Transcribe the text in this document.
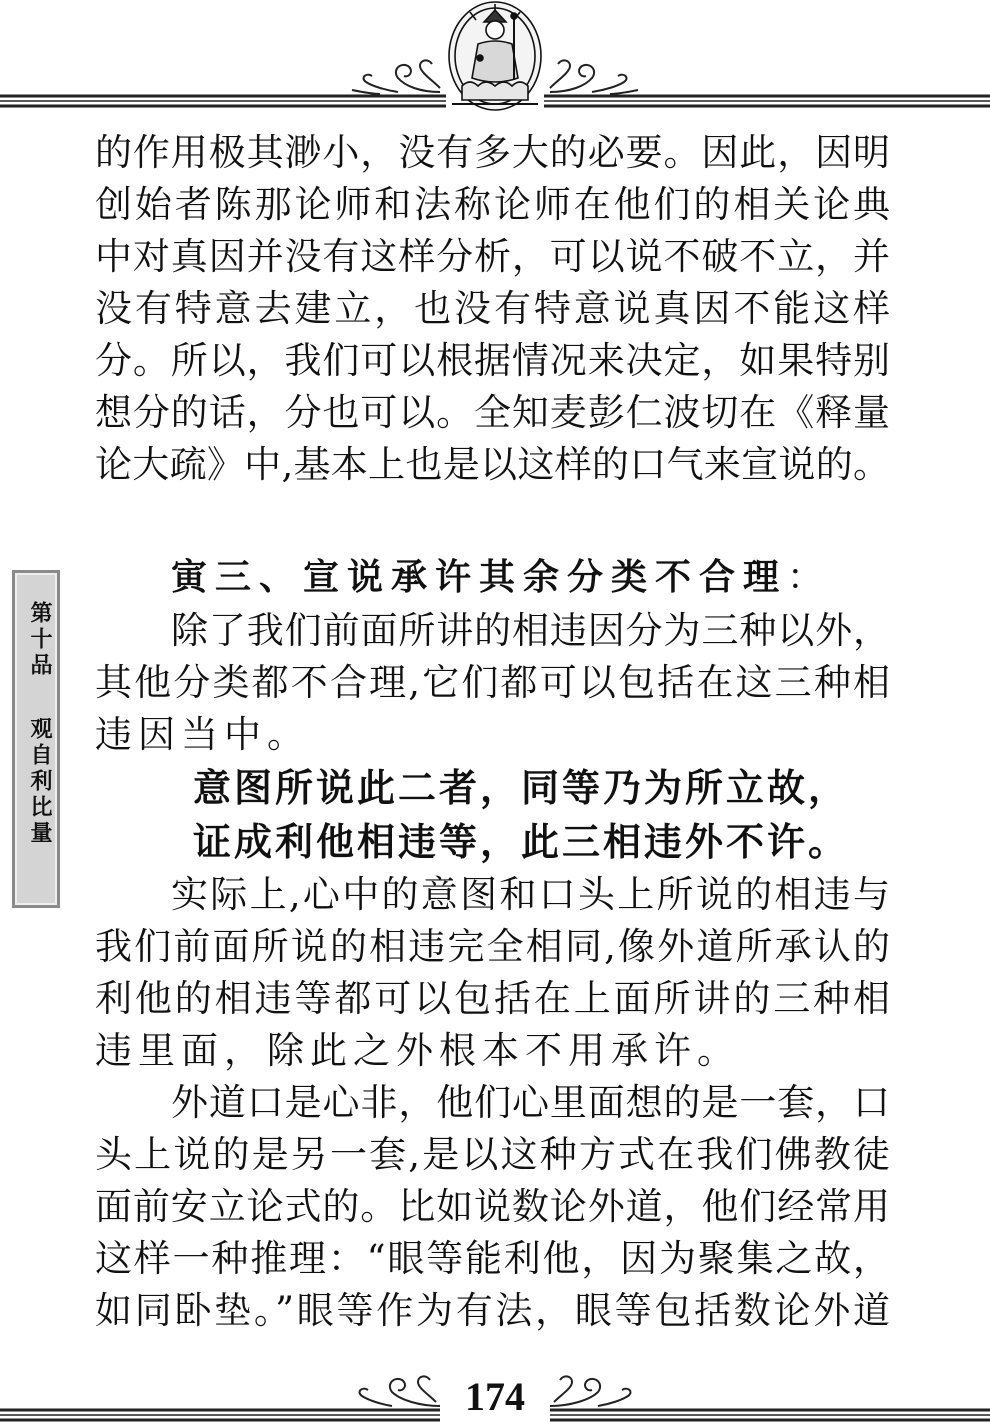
第十品
观自利比量
的作用极其渺小，没有多大的必要。因此，因明
创始者陈那论师和法称论师在他们的相关论典
中对真因并没有这样分析，可以说不破不立，并
没有特意去建立，也没有特意说真因不能这样
分。所以，我们可以根据情况来决定，如果特别
想分的话，分也可以。全知麦彭仁波切在《释量
论大疏》中,基本上也是以这样的口气来宣说的。
寅三、宣说承许其余分类不合理：
除了我们前面所讲的相违因分为三种以外，
其他分类都不合理,它们都可以包括在这三种相
违因当中。
意图所说此二者，同等乃为所立故，
证成利他相违等，此三相违外不许。
实际上,心中的意图和口头上所说的相违与
我们前面所说的相违完全相同,像外道所承认的
利他的相违等都可以包括在上面所讲的三种相
违里面，除此之外根本不用承许。
外道口是心非，他们心里面想的是一套，口
头上说的是另一套,是以这种方式在我们佛教徒
面前安立论式的。比如说数论外道，他们经常用
这样一种推理：“眼等能利他，因为聚集之故，
如同卧垫。”眼等作为有法，眼等包括数论外道
174
